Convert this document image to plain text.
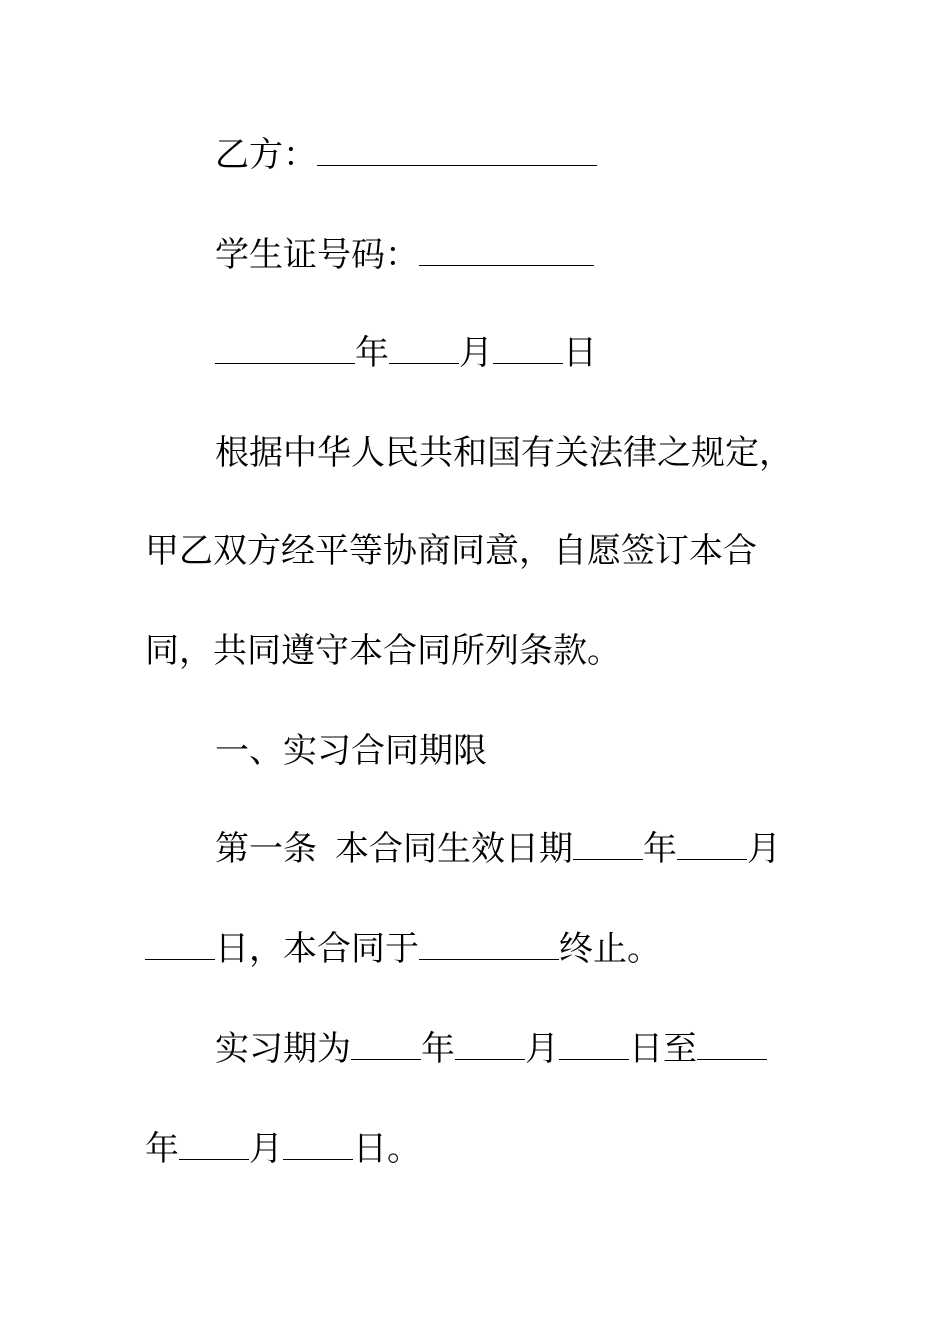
乙方：
学生证号码：
年 月 日
根据中华人民共和国有关法律之规定，
甲乙双方经平等协商同意，自愿签订本合
同，共同遵守本合同所列条款。
一、实习合同期限
第一条 本合同生效日期 年 月
日，本合同于	终止。
实习期为 年 月 日至
年 月 日。
